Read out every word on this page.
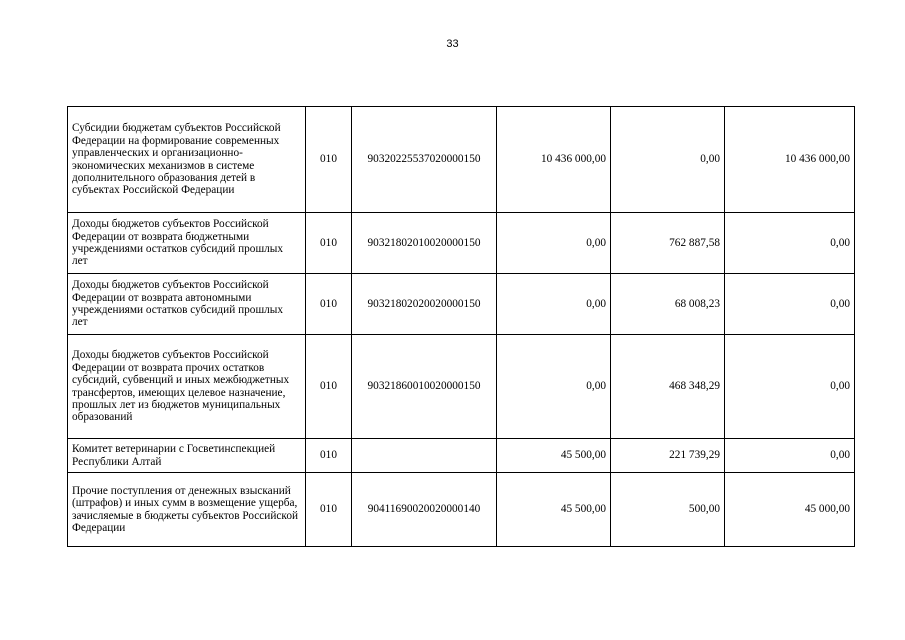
33
Субсидии бюджетам субъектов Российской Федерации на формирование современных управленческих и организационно-экономических механизмов в системе дополнительного образования детей в субъектах Российской Федерации	010	90320225537020000150	10 436 000,00	0,00	10 436 000,00
Доходы бюджетов субъектов Российской Федерации от возврата бюджетными учреждениями остатков субсидий прошлых лет	010	90321802010020000150	0,00	762 887,58	0,00
Доходы бюджетов субъектов Российской Федерации от возврата автономными учреждениями остатков субсидий прошлых лет	010	90321802020020000150	0,00	68 008,23	0,00
Доходы бюджетов субъектов Российской Федерации от возврата прочих остатков субсидий, субвенций и иных межбюджетных трансфертов, имеющих целевое назначение, прошлых лет из бюджетов муниципальных образований	010	90321860010020000150	0,00	468 348,29	0,00
Комитет ветеринарии с Госветинспекцией Республики Алтай	010		45 500,00	221 739,29	0,00
Прочие поступления от денежных взысканий (штрафов) и иных сумм в возмещение ущерба, зачисляемые в бюджеты субъектов Российской Федерации	010	90411690020020000140	45 500,00	500,00	45 000,00
